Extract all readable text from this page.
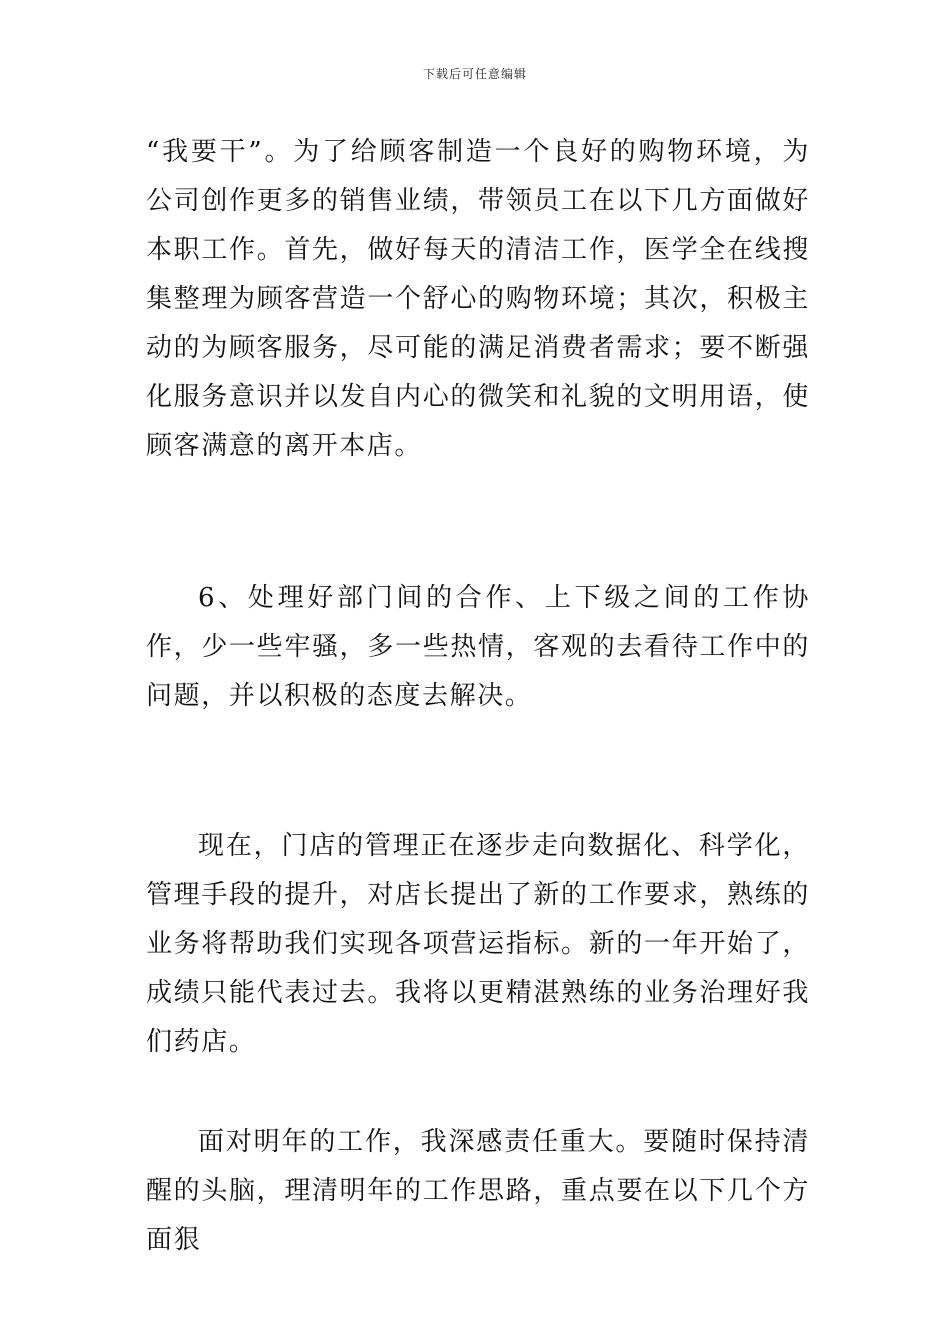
下载后可任意编辑

“我要干”。为了给顾客制造一个良好的购物环境，为公司创作更多的销售业绩，带领员工在以下几方面做好本职工作。首先，做好每天的清洁工作，医学全在线搜集整理为顾客营造一个舒心的购物环境；其次，积极主动的为顾客服务，尽可能的满足消费者需求；要不断强化服务意识并以发自内心的微笑和礼貌的文明用语，使顾客满意的离开本店。

6、处理好部门间的合作、上下级之间的工作协作，少一些牢骚，多一些热情，客观的去看待工作中的问题，并以积极的态度去解决。

现在，门店的管理正在逐步走向数据化、科学化，管理手段的提升，对店长提出了新的工作要求，熟练的业务将帮助我们实现各项营运指标。新的一年开始了，成绩只能代表过去。我将以更精湛熟练的业务治理好我们药店。

面对明年的工作，我深感责任重大。要随时保持清醒的头脑，理清明年的工作思路，重点要在以下几个方面狠
